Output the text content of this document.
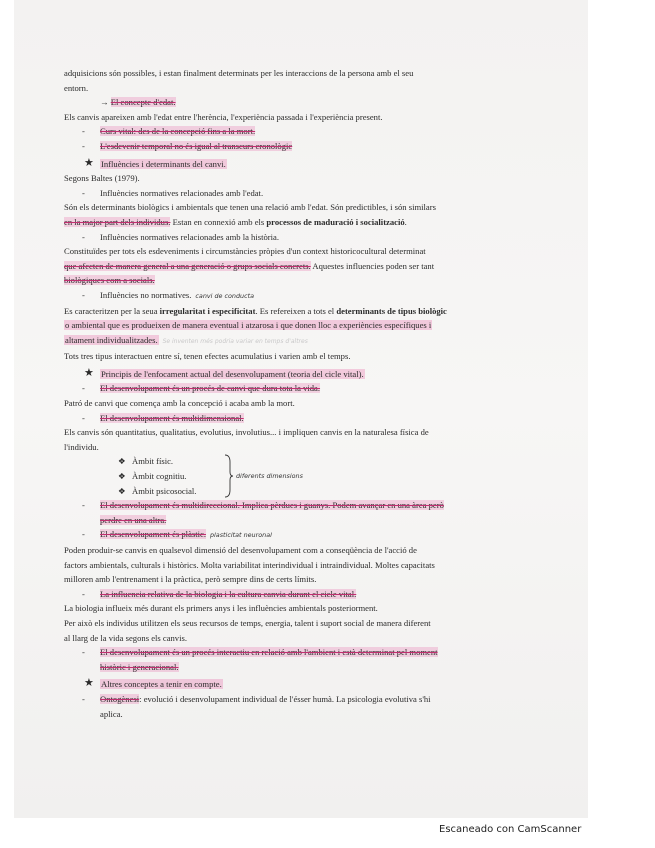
adquisicions són possibles, i estan finalment determinats per les interaccions de la persona amb el seu

entorn.

→ El concepte d'edat.

Els canvis apareixen amb l'edat entre l'herència, l'experiència passada i l'experiència present.

- Curs vital: des de la concepció fins a la mort.

- L'esdevenir temporal no és igual al transcurs cronològic

★ Influències i determinants del canvi.

Segons Baltes (1979).

- Influències normatives relacionades amb l'edat.

Són els determinants biològics i ambientals que tenen una relació amb l'edat. Són predictibles, i són similars

en la major part dels individus. Estan en connexió amb els processos de maduració i socialització.

- Influències normatives relacionades amb la història.

Constituïdes per tots els esdeveniments i circumstàncies pròpies d'un context historicocultural determinat

que afecten de manera general a una generació o grups socials concrets. Aquestes influencies poden ser tant

biològiques com a socials.

- Influències no normatives. canvi de conducta

Es caracteritzen per la seua irregularitat i especificitat. Es refereixen a tots el determinants de tipus biològic

o ambiental que es produeixen de manera eventual i atzarosa i que donen lloc a experiències específiques i

altament individualitzades. Se inventen més podria variar en temps d'altres

Tots tres tipus interactuen entre sí, tenen efectes acumulatius i varien amb el temps.

★ Principis de l'enfocament actual del desenvolupament (teoria del cicle vital).

- El desenvolupament és un procés de canvi que dura tota la vida.

Patró de canvi que comença amb la concepció i acaba amb la mort.

- El desenvolupament és multidimensional.

Els canvis són quantitatius, qualitatius, evolutius, involutius... i impliquen canvis en la naturalesa física de

l'individu.

❖ Àmbit físic.

❖ Àmbit cognitiu.

❖ Àmbit psicosocial.

diferents dimensions

- El desenvolupament és multidireccional. Implica pèrdues i guanys. Podem avançar en una àrea però

perdre en una altra.

- El desenvolupament és plàstic. plasticitat neuronal

Poden produir-se canvis en qualsevol dimensió del desenvolupament com a conseqüència de l'acció de

factors ambientals, culturals i històrics. Molta variabilitat interindividual i intraindividual. Moltes capacitats

milloren amb l'entrenament i la pràctica, però sempre dins de certs límits.

- La influencia relativa de la biologia i la cultura canvia durant el cicle vital.

La biologia influeix més durant els primers anys i les influències ambientals posteriorment.

Per això els individus utilitzen els seus recursos de temps, energia, talent i suport social de manera diferent

al llarg de la vida segons els canvis.

- El desenvolupament és un procés interactiu en relació amb l'ambient i està determinat pel moment

històric i generacional.

★ Altres conceptes a tenir en compte.

- Ontogènesi: evolució i desenvolupament individual de l'ésser humà. La psicologia evolutiva s'hi

aplica.

Escaneado con CamScanner
